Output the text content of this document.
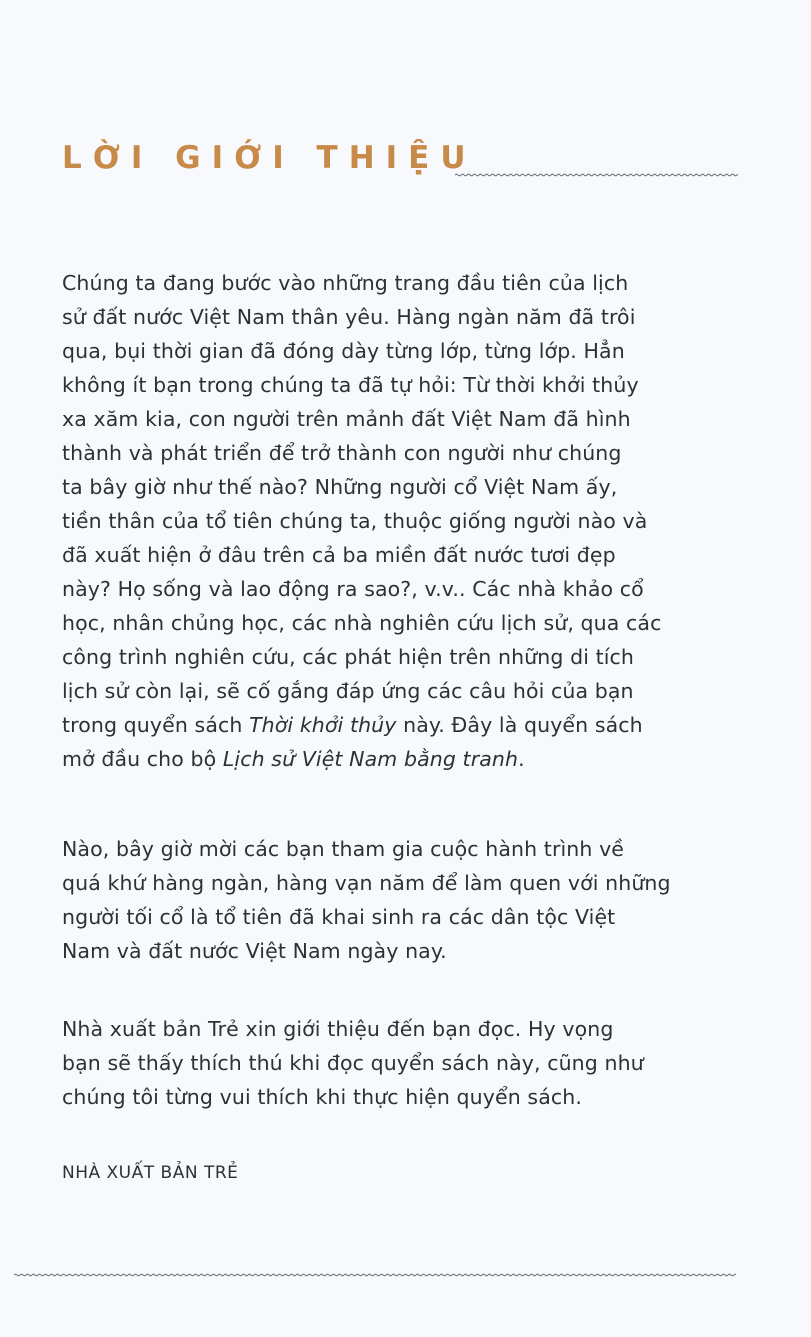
LỜI GIỚI THIỆU
Chúng ta đang bước vào những trang đầu tiên của lịch
sử đất nước Việt Nam thân yêu. Hàng ngàn năm đã trôi
qua, bụi thời gian đã đóng dày từng lớp, từng lớp. Hẳn
không ít bạn trong chúng ta đã tự hỏi: Từ thời khởi thủy
xa xăm kia, con người trên mảnh đất Việt Nam đã hình
thành và phát triển để trở thành con người như chúng
ta bây giờ như thế nào? Những người cổ Việt Nam ấy,
tiền thân của tổ tiên chúng ta, thuộc giống người nào và
đã xuất hiện ở đâu trên cả ba miền đất nước tươi đẹp
này? Họ sống và lao động ra sao?, v.v.. Các nhà khảo cổ
học, nhân chủng học, các nhà nghiên cứu lịch sử, qua các
công trình nghiên cứu, các phát hiện trên những di tích
lịch sử còn lại, sẽ cố gắng đáp ứng các câu hỏi của bạn
trong quyển sách Thời khởi thủy này. Đây là quyển sách
mở đầu cho bộ Lịch sử Việt Nam bằng tranh.
Nào, bây giờ mời các bạn tham gia cuộc hành trình về
quá khứ hàng ngàn, hàng vạn năm để làm quen với những
người tối cổ là tổ tiên đã khai sinh ra các dân tộc Việt
Nam và đất nước Việt Nam ngày nay.
Nhà xuất bản Trẻ xin giới thiệu đến bạn đọc. Hy vọng
bạn sẽ thấy thích thú khi đọc quyển sách này, cũng như
chúng tôi từng vui thích khi thực hiện quyển sách.
NHÀ XUẤT BẢN TRẺ
